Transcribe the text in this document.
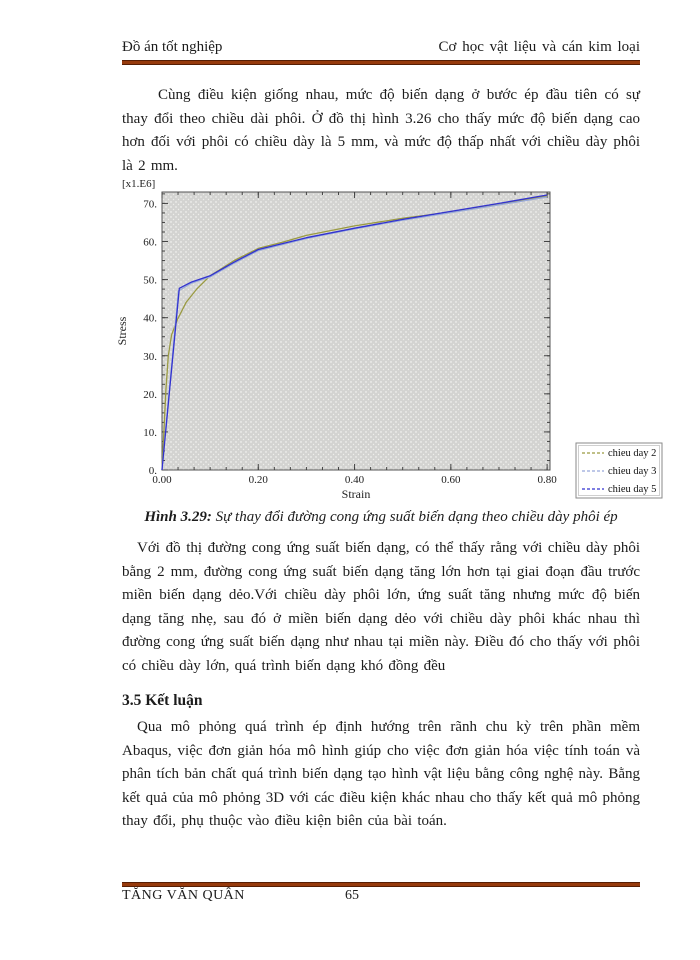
Đồ án tốt nghiệp	Cơ học vật liệu và cán kim loại

Cùng điều kiện giống nhau, mức độ biến dạng ở bước ép đầu tiên có sự thay đổi theo chiều dài phôi. Ở đồ thị hình 3.26 cho thấy mức độ biến dạng cao hơn đối với phôi có chiều dày là 5 mm, và mức độ thấp nhất với chiều dày phôi là 2 mm.

0.00	0.20	0.40	0.60	0.80
0.
10.
20.
30.
40.
50.
60.
70.
Strain
Stress
[x1.E6]
chieu day 2
chieu day 3
chieu day 5
Hình 3.29: Sự thay đổi đường cong ứng suất biến dạng theo chiều dày phôi ép

Với đồ thị đường cong ứng suất biến dạng, có thể thấy rằng với chiều dày phôi bằng 2 mm, đường cong ứng suất biến dạng tăng lớn hơn tại giai đoạn đầu trước miền biến dạng dẻo.Với chiều dày phôi lớn, ứng suất tăng nhưng mức độ biến dạng tăng nhẹ, sau đó ở miền biến dạng dẻo với chiều dày phôi khác nhau thì đường cong ứng suất biến dạng như nhau tại miền này. Điều đó cho thấy với phôi có chiều dày lớn, quá trình biến dạng khó đồng đều

3.5 Kết luận

Qua mô phỏng quá trình ép định hướng trên rãnh chu kỳ trên phần mềm Abaqus, việc đơn giản hóa mô hình giúp cho việc đơn giản hóa việc tính toán và phân tích bản chất quá trình biến dạng tạo hình vật liệu bằng công nghệ này. Bằng kết quả của mô phỏng 3D với các điều kiện khác nhau cho thấy kết quả mô phỏng thay đổi, phụ thuộc vào điều kiện biên của bài toán.

TĂNG VĂN QUÂN	65
